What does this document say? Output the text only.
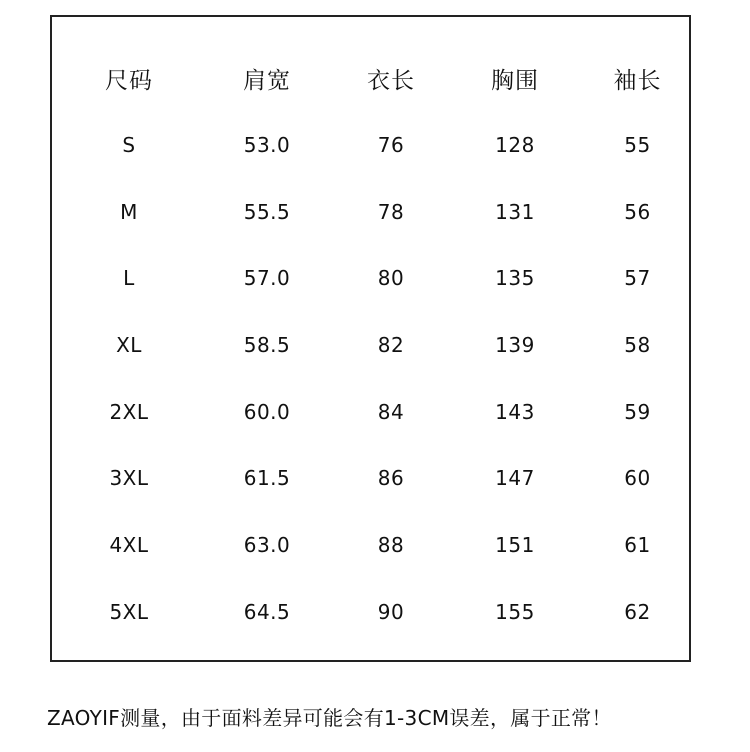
尺码	肩宽	衣长	胸围	袖长
S	53.0	76	128	55
M	55.5	78	131	56
L	57.0	80	135	57
XL	58.5	82	139	58
2XL	60.0	84	143	59
3XL	61.5	86	147	60
4XL	63.0	88	151	61
5XL	64.5	90	155	62
ZAOYIF测量，由于面料差异可能会有1-3CM误差，属于正常！
